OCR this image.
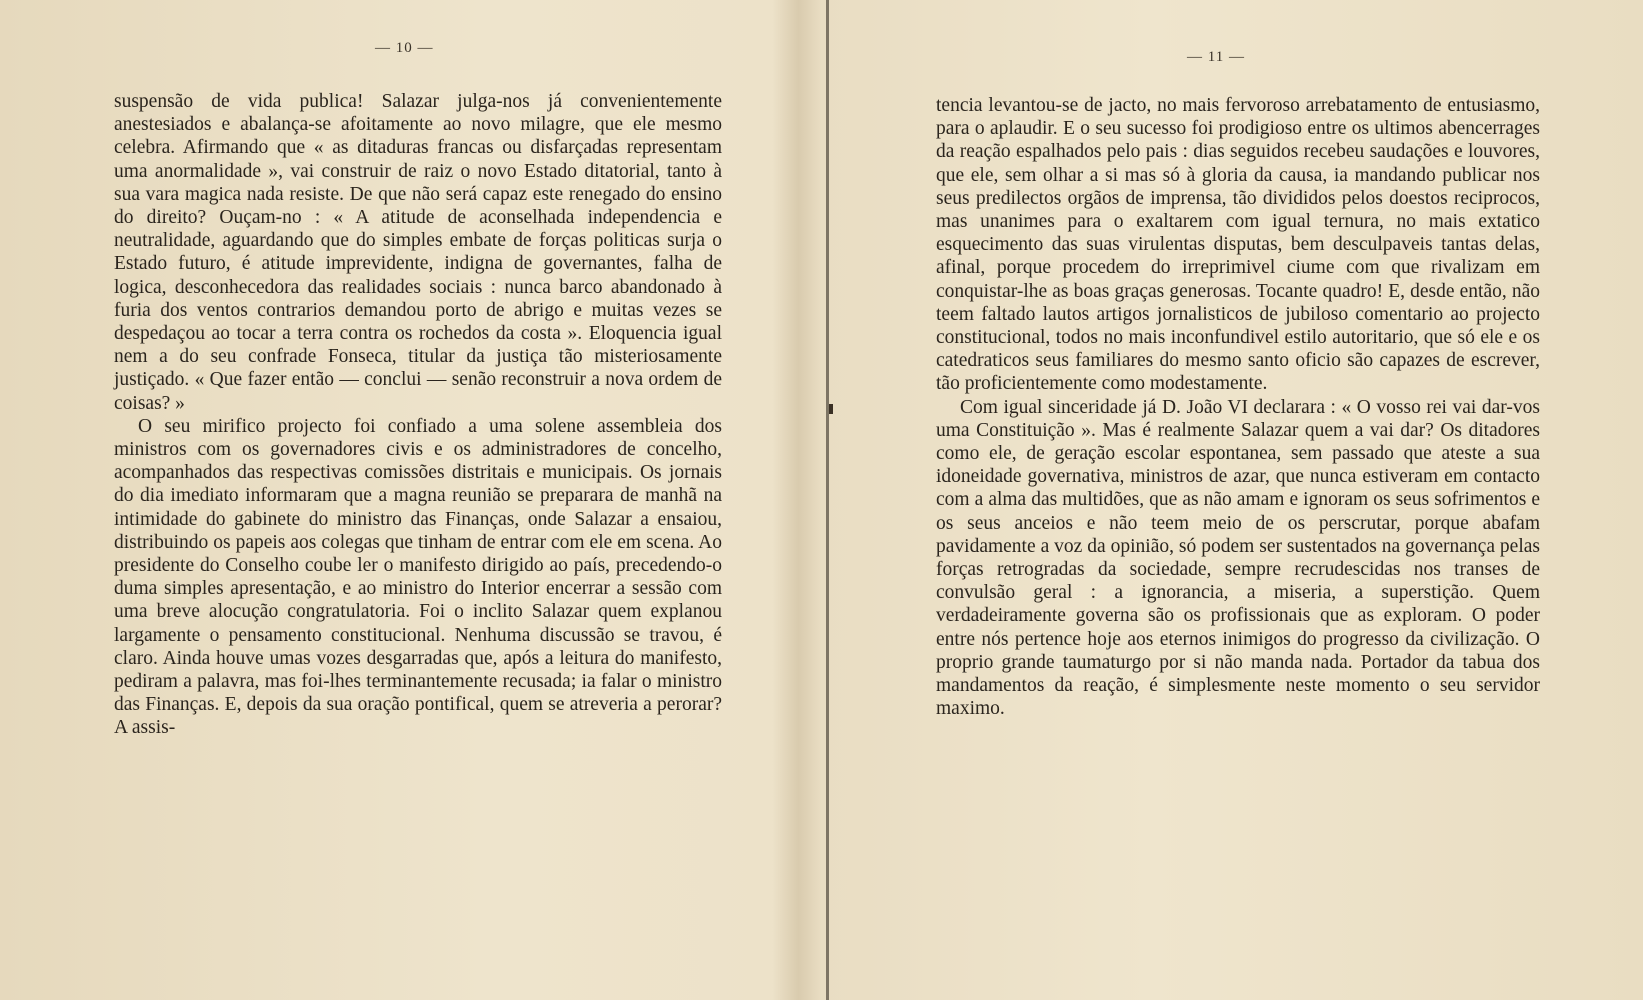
— 10 —

suspensão de vida publica! Salazar julga-nos já convenientemente anestesiados e abalança-se afoitamente ao novo milagre, que ele mesmo celebra. Afirmando que « as ditaduras francas ou disfarçadas representam uma anormalidade », vai construir de raiz o novo Estado ditatorial, tanto à sua vara magica nada resiste. De que não será capaz este renegado do ensino do direito? Ouçam-no : « A atitude de aconselhada independencia e neutralidade, aguardando que do simples embate de forças politicas surja o Estado futuro, é atitude imprevidente, indigna de governantes, falha de logica, desconhecedora das realidades sociais : nunca barco abandonado à furia dos ventos contrarios demandou porto de abrigo e muitas vezes se despedaçou ao tocar a terra contra os rochedos da costa ». Eloquencia igual nem a do seu confrade Fonseca, titular da justiça tão misteriosamente justiçado. « Que fazer então — conclui — senão reconstruir a nova ordem de coisas? »

O seu mirifico projecto foi confiado a uma solene assembleia dos ministros com os governadores civis e os administradores de concelho, acompanhados das respectivas comissões distritais e municipais. Os jornais do dia imediato informaram que a magna reunião se preparara de manhã na intimidade do gabinete do ministro das Finanças, onde Salazar a ensaiou, distribuindo os papeis aos colegas que tinham de entrar com ele em scena. Ao presidente do Conselho coube ler o manifesto dirigido ao país, precedendo-o duma simples apresentação, e ao ministro do Interior encerrar a sessão com uma breve alocução congratulatoria. Foi o inclito Salazar quem explanou largamente o pensamento constitucional. Nenhuma discussão se travou, é claro. Ainda houve umas vozes desgarradas que, após a leitura do manifesto, pediram a palavra, mas foi-lhes terminantemente recusada; ia falar o ministro das Finanças. E, depois da sua oração pontifical, quem se atreveria a perorar? A assis-

— 11 —

tencia levantou-se de jacto, no mais fervoroso arrebatamento de entusiasmo, para o aplaudir. E o seu sucesso foi prodigioso entre os ultimos abencerrages da reação espalhados pelo pais : dias seguidos recebeu saudações e louvores, que ele, sem olhar a si mas só à gloria da causa, ia mandando publicar nos seus predilectos orgãos de imprensa, tão divididos pelos doestos reciprocos, mas unanimes para o exaltarem com igual ternura, no mais extatico esquecimento das suas virulentas disputas, bem desculpaveis tantas delas, afinal, porque procedem do irreprimivel ciume com que rivalizam em conquistar-lhe as boas graças generosas. Tocante quadro! E, desde então, não teem faltado lautos artigos jornalisticos de jubiloso comentario ao projecto constitucional, todos no mais inconfundivel estilo autoritario, que só ele e os catedraticos seus familiares do mesmo santo oficio são capazes de escrever, tão proficientemente como modestamente.

Com igual sinceridade já D. João VI declarara : « O vosso rei vai dar-vos uma Constituição ». Mas é realmente Salazar quem a vai dar? Os ditadores como ele, de geração escolar espontanea, sem passado que ateste a sua idoneidade governativa, ministros de azar, que nunca estiveram em contacto com a alma das multidões, que as não amam e ignoram os seus sofrimentos e os seus anceios e não teem meio de os perscrutar, porque abafam pavidamente a voz da opinião, só podem ser sustentados na governança pelas forças retrogradas da sociedade, sempre recrudescidas nos transes de convulsão geral : a ignorancia, a miseria, a superstição. Quem verdadeiramente governa são os profissionais que as exploram. O poder entre nós pertence hoje aos eternos inimigos do progresso da civilização. O proprio grande taumaturgo por si não manda nada. Portador da tabua dos mandamentos da reação, é simplesmente neste momento o seu servidor maximo.
